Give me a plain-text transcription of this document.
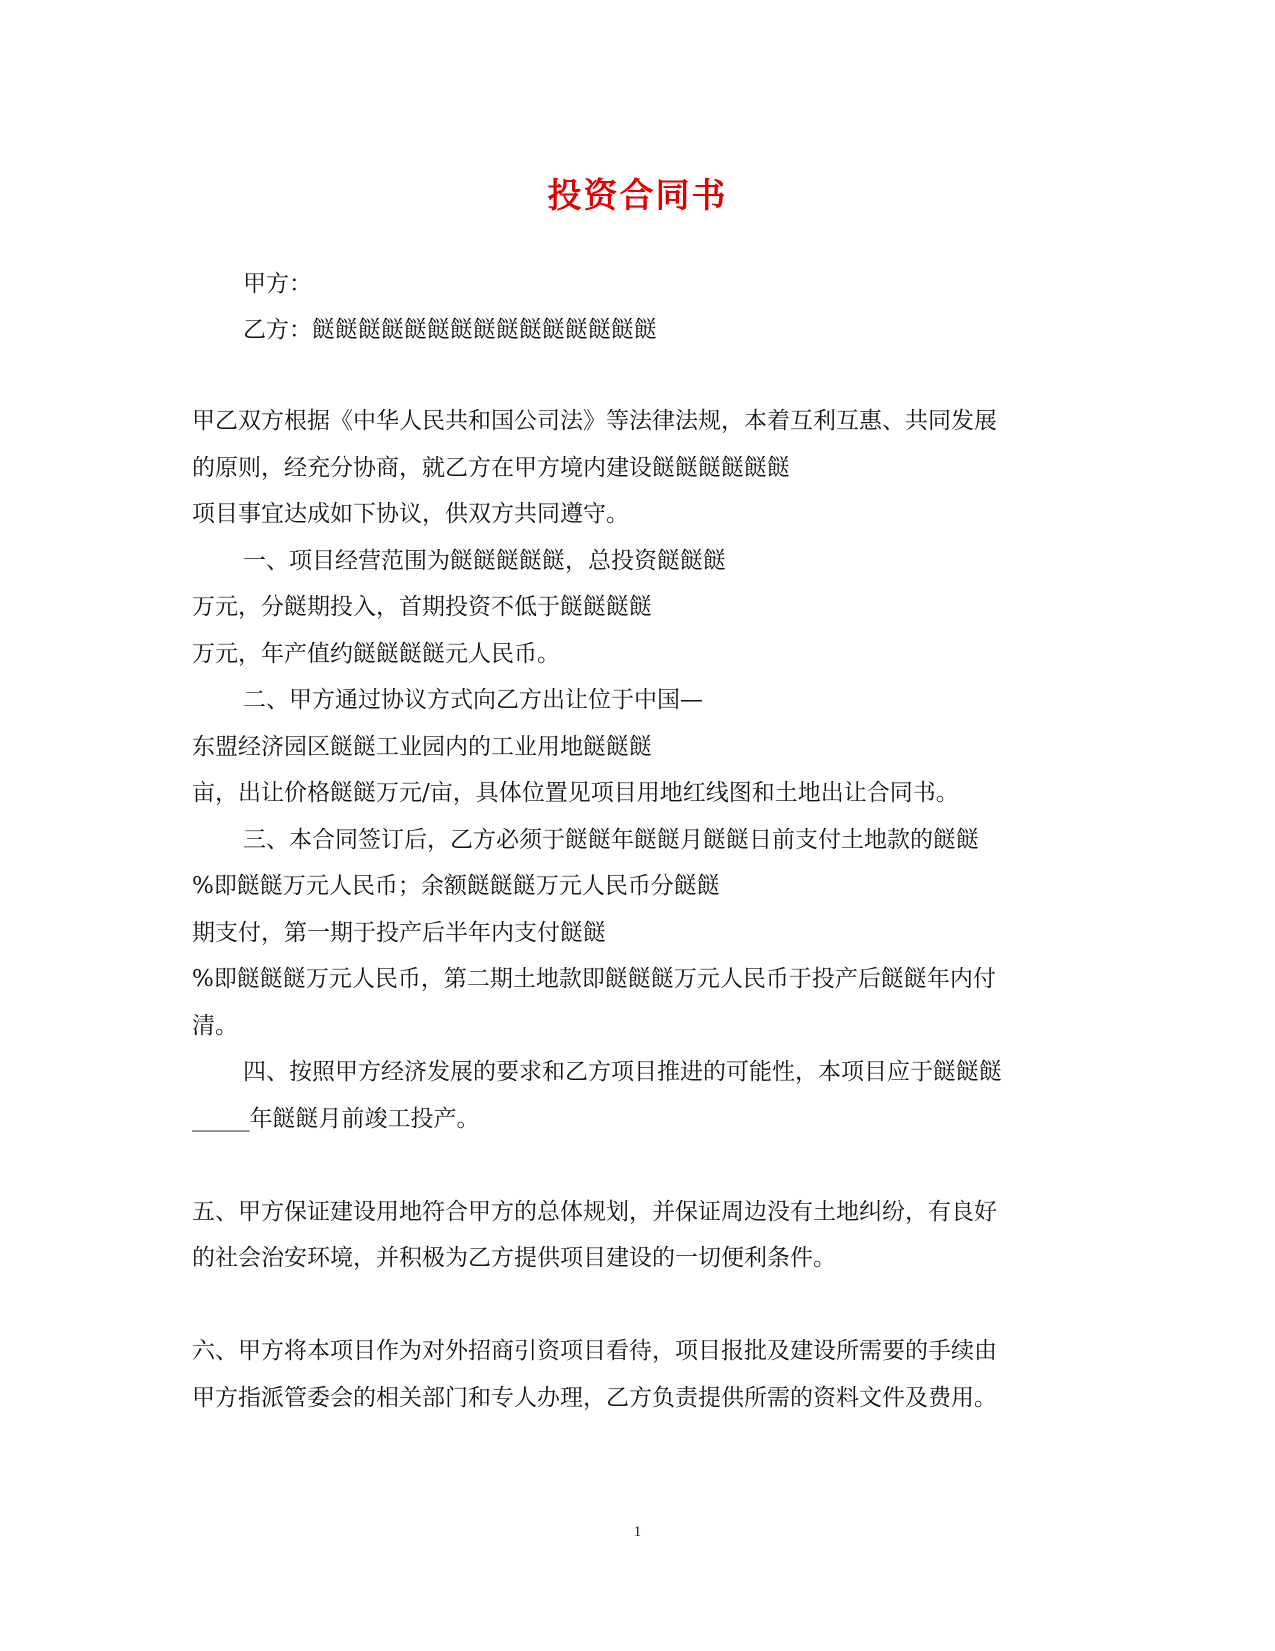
投资合同书
甲方：
乙方：餸餸餸餸餸餸餸餸餸餸餸餸餸餸餸
甲乙双方根据《中华人民共和国公司法》等法律法规，本着互利互惠、共同发展
的原则，经充分协商，就乙方在甲方境内建设餸餸餸餸餸餸
项目事宜达成如下协议，供双方共同遵守。
一、项目经营范围为餸餸餸餸餸，总投资餸餸餸
万元，分餸期投入，首期投资不低于餸餸餸餸
万元，年产值约餸餸餸餸元人民币。
二、甲方通过协议方式向乙方出让位于中国—
东盟经济园区餸餸工业园内的工业用地餸餸餸
亩，出让价格餸餸万元/亩，具体位置见项目用地红线图和土地出让合同书。
三、本合同签订后，乙方必须于餸餸年餸餸月餸餸日前支付土地款的餸餸
%即餸餸万元人民币；余额餸餸餸万元人民币分餸餸
期支付，第一期于投产后半年内支付餸餸
%即餸餸餸万元人民币，第二期土地款即餸餸餸万元人民币于投产后餸餸年内付
清。
四、按照甲方经济发展的要求和乙方项目推进的可能性，本项目应于餸餸餸
_____年餸餸月前竣工投产。
五、甲方保证建设用地符合甲方的总体规划，并保证周边没有土地纠纷，有良好
的社会治安环境，并积极为乙方提供项目建设的一切便利条件。
六、甲方将本项目作为对外招商引资项目看待，项目报批及建设所需要的手续由
甲方指派管委会的相关部门和专人办理，乙方负责提供所需的资料文件及费用。
1
